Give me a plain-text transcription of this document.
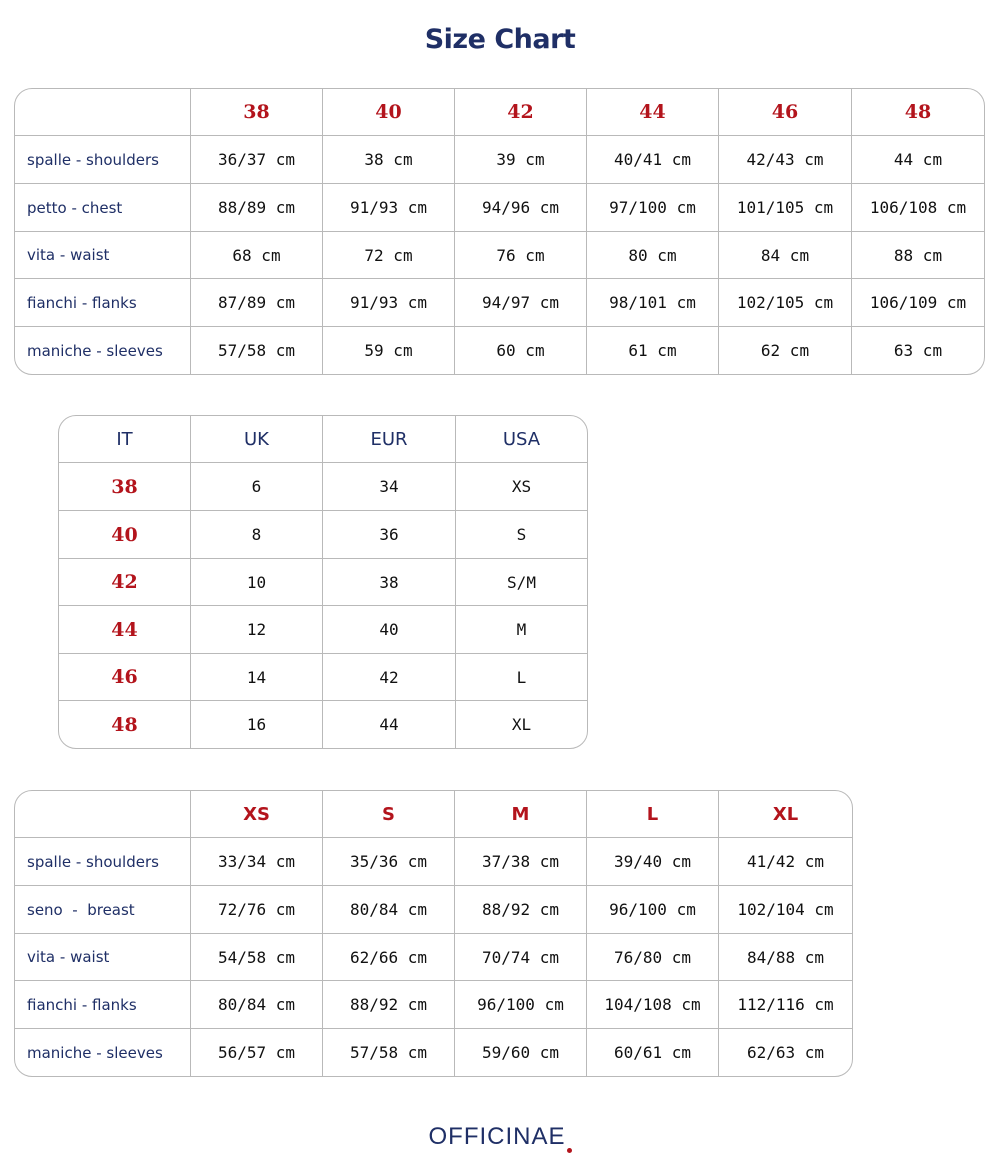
Size Chart
	38	40	42	44	46	48
spalle - shoulders	36/37 cm	38 cm	39 cm	40/41 cm	42/43 cm	44 cm
petto - chest	88/89 cm	91/93 cm	94/96 cm	97/100 cm	101/105 cm	106/108 cm
vita - waist	68 cm	72 cm	76 cm	80 cm	84 cm	88 cm
fianchi - flanks	87/89 cm	91/93 cm	94/97 cm	98/101 cm	102/105 cm	106/109 cm
maniche - sleeves	57/58 cm	59 cm	60 cm	61 cm	62 cm	63 cm
IT	UK	EUR	USA
38	6	34	XS
40	8	36	S
42	10	38	S/M
44	12	40	M
46	14	42	L
48	16	44	XL
	XS	S	M	L	XL
spalle - shoulders	33/34 cm	35/36 cm	37/38 cm	39/40 cm	41/42 cm
seno  -  breast	72/76 cm	80/84 cm	88/92 cm	96/100 cm	102/104 cm
vita - waist	54/58 cm	62/66 cm	70/74 cm	76/80 cm	84/88 cm
fianchi - flanks	80/84 cm	88/92 cm	96/100 cm	104/108 cm	112/116 cm
maniche - sleeves	56/57 cm	57/58 cm	59/60 cm	60/61 cm	62/63 cm
OFFICINAE
